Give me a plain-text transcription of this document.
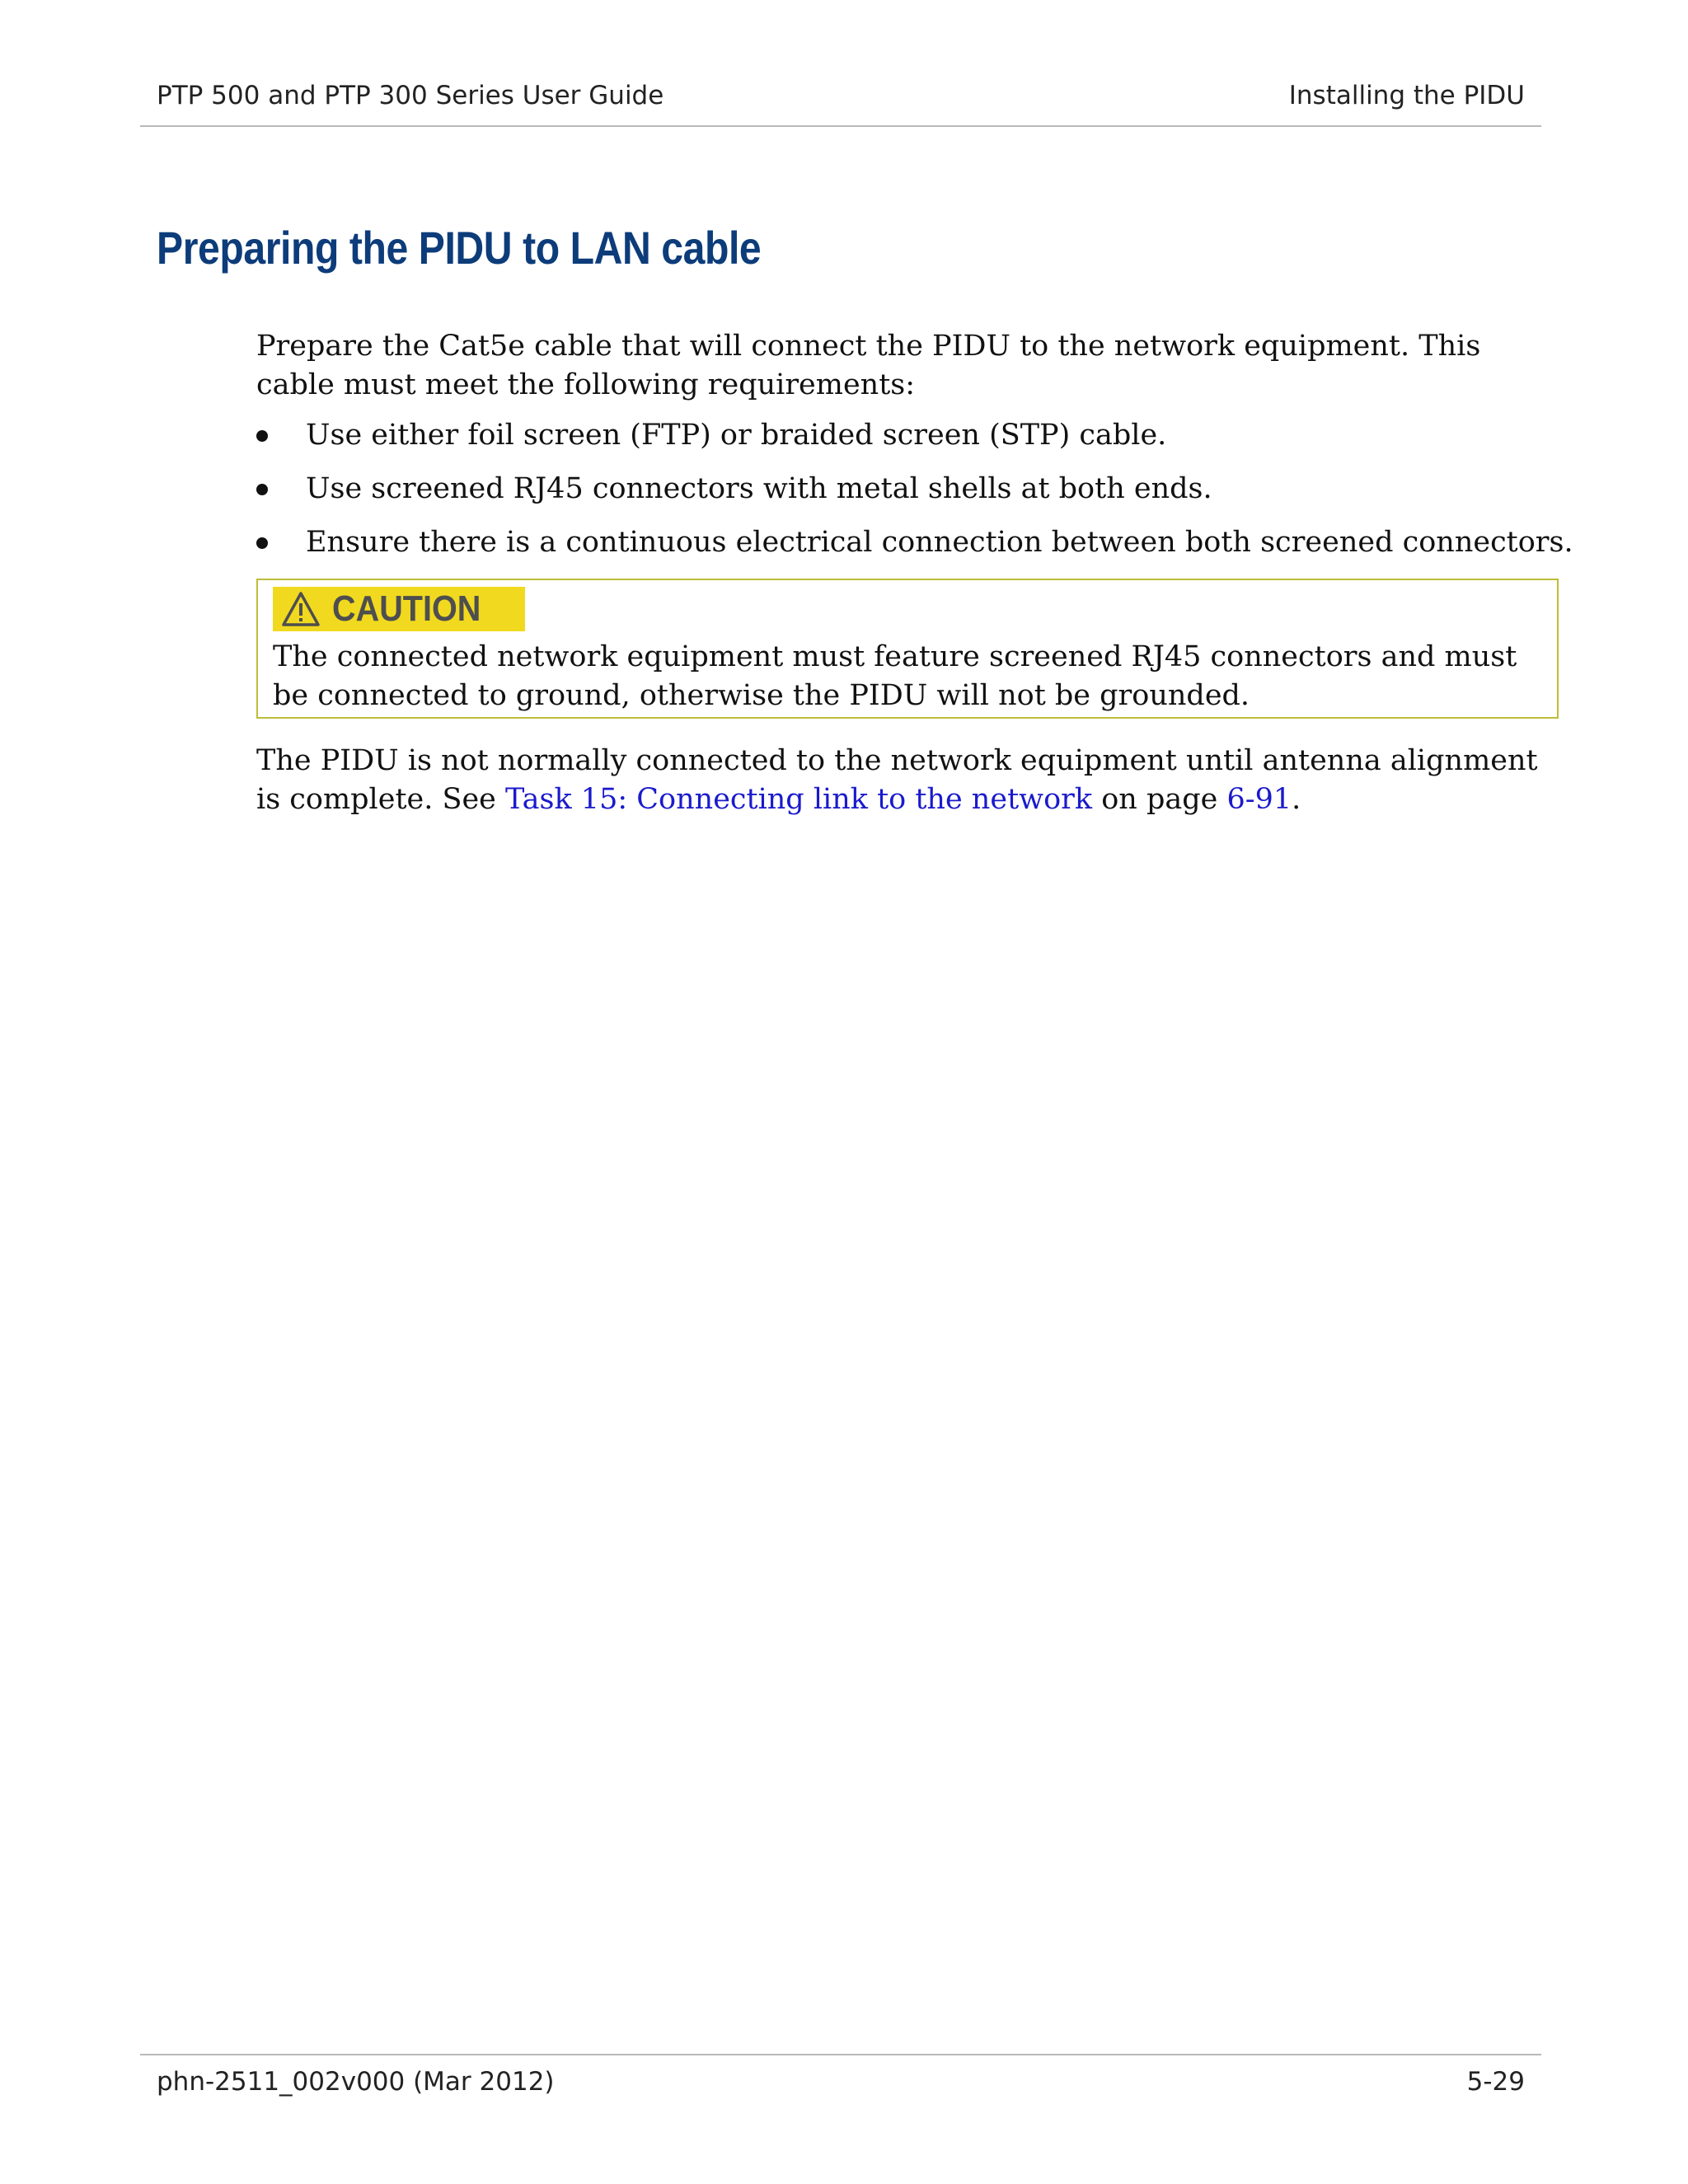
PTP 500 and PTP 300 Series User Guide	Installing the PIDU
Preparing the PIDU to LAN cable

Prepare the Cat5e cable that will connect the PIDU to the network equipment. This cable must meet the following requirements:

Use either foil screen (FTP) or braided screen (STP) cable.
Use screened RJ45 connectors with metal shells at both ends.
Ensure there is a continuous electrical connection between both screened connectors.
CAUTION
The connected network equipment must feature screened RJ45 connectors and must be connected to ground, otherwise the PIDU will not be grounded.

The PIDU is not normally connected to the network equipment until antenna alignment is complete. See Task 15: Connecting link to the network on page 6-91.

phn-2511_002v000 (Mar 2012)	5-29
